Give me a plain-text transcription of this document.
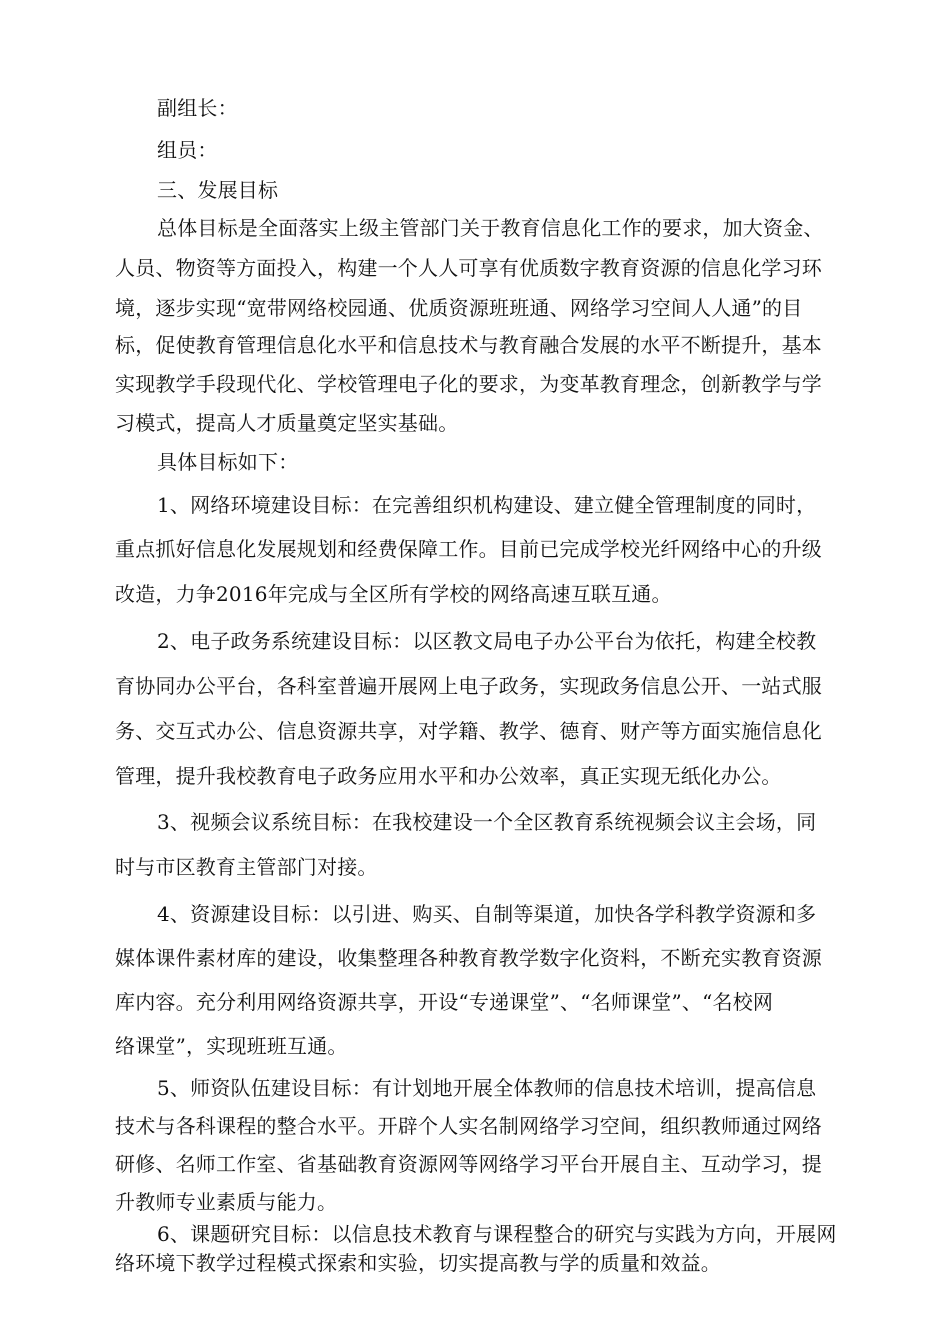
副组长：

组员：

三、发展目标

总体目标是全面落实上级主管部门关于教育信息化工作的要求，加大资金、
人员、物资等方面投入，构建一个人人可享有优质数字教育资源的信息化学习环
境，逐步实现“宽带网络校园通、优质资源班班通、网络学习空间人人通”的目
标，促使教育管理信息化水平和信息技术与教育融合发展的水平不断提升，基本
实现教学手段现代化、学校管理电子化的要求，为变革教育理念，创新教学与学
习模式，提高人才质量奠定坚实基础。

具体目标如下：

1、网络环境建设目标：在完善组织机构建设、建立健全管理制度的同时，
重点抓好信息化发展规划和经费保障工作。目前已完成学校光纤网络中心的升级
改造，力争2016年完成与全区所有学校的网络高速互联互通。

2、电子政务系统建设目标：以区教文局电子办公平台为依托，构建全校教
育协同办公平台，各科室普遍开展网上电子政务，实现政务信息公开、一站式服
务、交互式办公、信息资源共享，对学籍、教学、德育、财产等方面实施信息化
管理，提升我校教育电子政务应用水平和办公效率，真正实现无纸化办公。

3、视频会议系统目标：在我校建设一个全区教育系统视频会议主会场，同
时与市区教育主管部门对接。

4、资源建设目标：以引进、购买、自制等渠道，加快各学科教学资源和多
媒体课件素材库的建设，收集整理各种教育教学数字化资料，不断充实教育资源
库内容。充分利用网络资源共享，开设“专递课堂”、“名师课堂”、“名校网
络课堂”，实现班班互通。

5、师资队伍建设目标：有计划地开展全体教师的信息技术培训，提高信息
技术与各科课程的整合水平。开辟个人实名制网络学习空间，组织教师通过网络
研修、名师工作室、省基础教育资源网等网络学习平台开展自主、互动学习，提
升教师专业素质与能力。

6、课题研究目标：以信息技术教育与课程整合的研究与实践为方向，开展网
络环境下教学过程模式探索和实验，切实提高教与学的质量和效益。
